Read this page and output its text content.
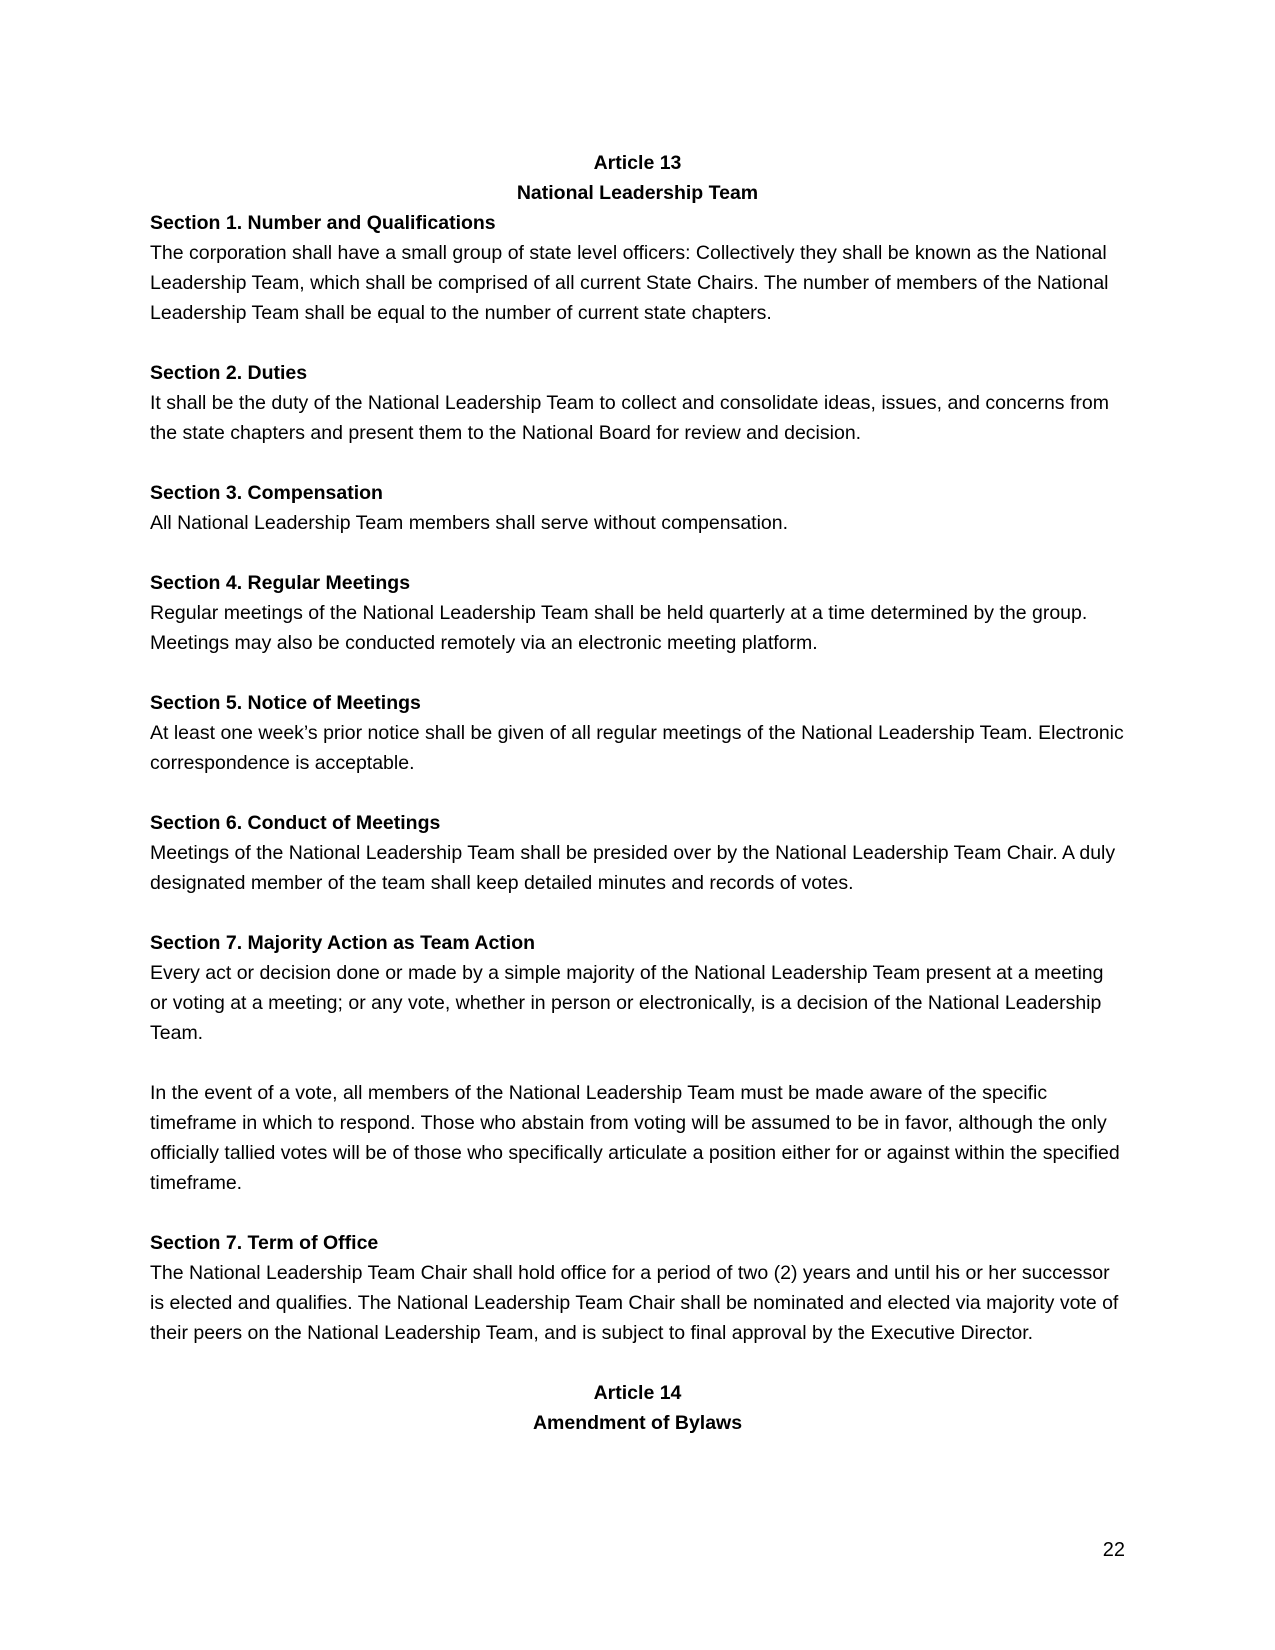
Article 13

National Leadership Team

Section 1. Number and Qualifications

The corporation shall have a small group of state level officers: Collectively they shall be known as the National Leadership Team, which shall be comprised of all current State Chairs. The number of members of the National Leadership Team shall be equal to the number of current state chapters.

Section 2. Duties

It shall be the duty of the National Leadership Team to collect and consolidate ideas, issues, and concerns from the state chapters and present them to the National Board for review and decision.

Section 3. Compensation

All National Leadership Team members shall serve without compensation.

Section 4. Regular Meetings

Regular meetings of the National Leadership Team shall be held quarterly at a time determined by the group. Meetings may also be conducted remotely via an electronic meeting platform.

Section 5. Notice of Meetings

At least one week’s prior notice shall be given of all regular meetings of the National Leadership Team. Electronic correspondence is acceptable.

Section 6. Conduct of Meetings

Meetings of the National Leadership Team shall be presided over by the National Leadership Team Chair. A duly designated member of the team shall keep detailed minutes and records of votes.

Section 7. Majority Action as Team Action

Every act or decision done or made by a simple majority of the National Leadership Team present at a meeting or voting at a meeting; or any vote, whether in person or electronically, is a decision of the National Leadership Team.

In the event of a vote, all members of the National Leadership Team must be made aware of the specific timeframe in which to respond. Those who abstain from voting will be assumed to be in favor, although the only officially tallied votes will be of those who specifically articulate a position either for or against within the specified timeframe.

Section 7. Term of Office

The National Leadership Team Chair shall hold office for a period of two (2) years and until his or her successor is elected and qualifies. The National Leadership Team Chair shall be nominated and elected via majority vote of their peers on the National Leadership Team, and is subject to final approval by the Executive Director.

Article 14

Amendment of Bylaws

22
